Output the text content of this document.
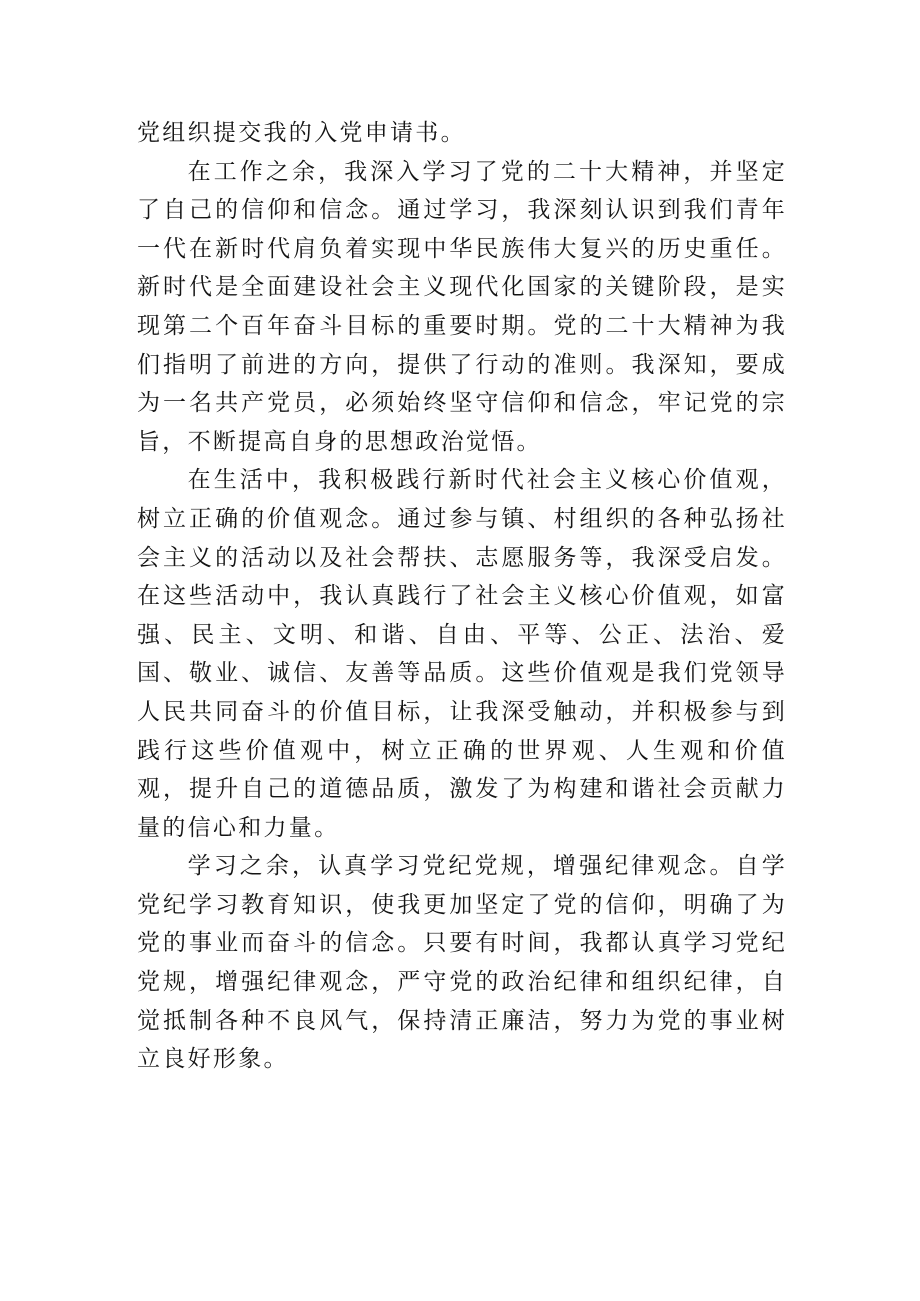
党组织提交我的入党申请书。

在工作之余，我深入学习了党的二十大精神，并坚定了自己的信仰和信念。通过学习，我深刻认识到我们青年一代在新时代肩负着实现中华民族伟大复兴的历史重任。新时代是全面建设社会主义现代化国家的关键阶段，是实现第二个百年奋斗目标的重要时期。党的二十大精神为我们指明了前进的方向，提供了行动的准则。我深知，要成为一名共产党员，必须始终坚守信仰和信念，牢记党的宗旨，不断提高自身的思想政治觉悟。

在生活中，我积极践行新时代社会主义核心价值观，树立正确的价值观念。通过参与镇、村组织的各种弘扬社会主义的活动以及社会帮扶、志愿服务等，我深受启发。在这些活动中，我认真践行了社会主义核心价值观，如富强、民主、文明、和谐、自由、平等、公正、法治、爱国、敬业、诚信、友善等品质。这些价值观是我们党领导人民共同奋斗的价值目标，让我深受触动，并积极参与到践行这些价值观中，树立正确的世界观、人生观和价值观，提升自己的道德品质，激发了为构建和谐社会贡献力量的信心和力量。

学习之余，认真学习党纪党规，增强纪律观念。自学党纪学习教育知识，使我更加坚定了党的信仰，明确了为党的事业而奋斗的信念。只要有时间，我都认真学习党纪党规，增强纪律观念，严守党的政治纪律和组织纪律，自觉抵制各种不良风气，保持清正廉洁，努力为党的事业树立良好形象。
